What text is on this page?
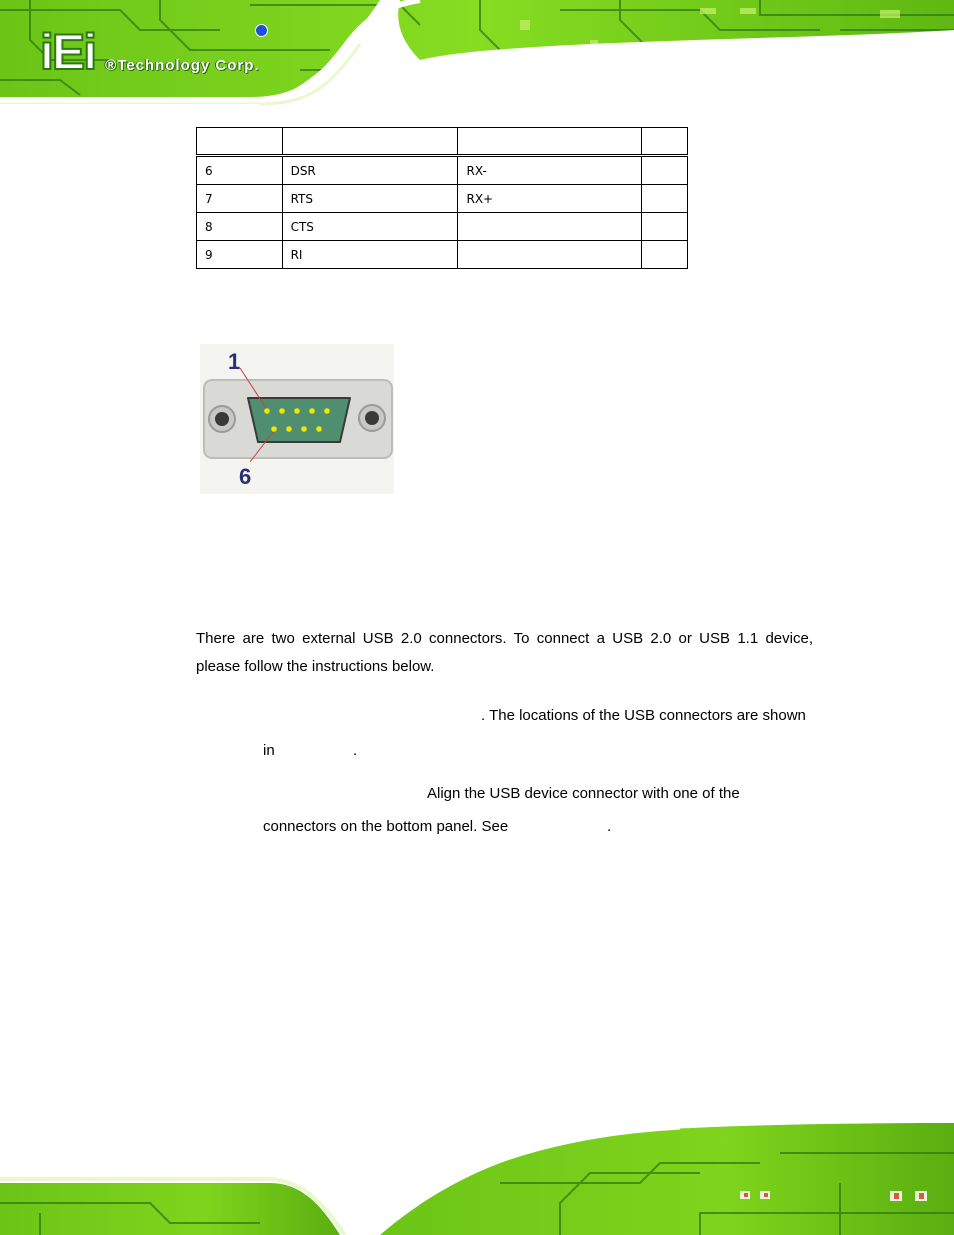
iEi ®Technology Corp.

6	DSR	RX-	
7	RTS	RX+	
8	CTS		
9	RI		
1
6

There are two external USB 2.0 connectors. To connect a USB 2.0 or USB 1.1 device, please follow the instructions below.

. The locations of the USB connectors are shown

in	.

Align the USB device connector with one of the

connectors on the bottom panel. See	.
